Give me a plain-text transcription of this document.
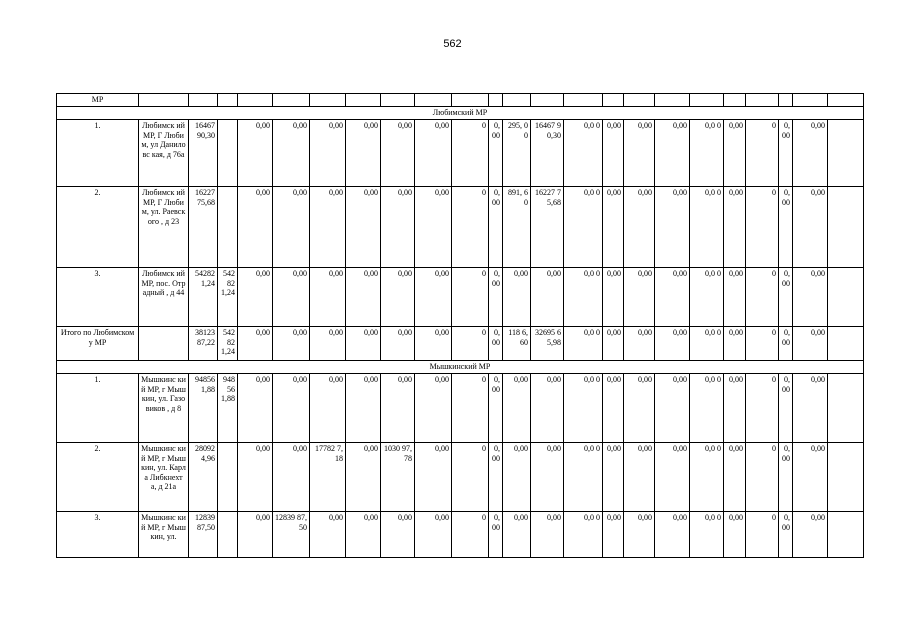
562
МР																							
Любимский МР																							
1.	Любимск ий МР, Г Любим, ул Даниловс кая, д 76а	16467 90,30		0,00	0,00	0,00	0,00	0,00	0,00	0	0,00	295, 00	16467 90,30	0,0 0	0,00	0,00	0,00	0,0 0	0,00	0	0,00	0,00	
2.	Любимск ий МР, Г Любим, ул. Раевского , д 23	16227 75,68		0,00	0,00	0,00	0,00	0,00	0,00	0	0,00	891, 60	16227 75,68	0,0 0	0,00	0,00	0,00	0,0 0	0,00	0	0,00	0,00	
3.	Любимск ий МР, пос. Отрадный , д 44	54282 1,24	54282 1,24	0,00	0,00	0,00	0,00	0,00	0,00	0	0,00	0,00	0,00	0,0 0	0,00	0,00	0,00	0,0 0	0,00	0	0,00	0,00	
Итого по Любимскому МР		38123 87,22	54282 1,24	0,00	0,00	0,00	0,00	0,00	0,00	0	0,00	118 6,60	32695 65,98	0,0 0	0,00	0,00	0,00	0,0 0	0,00	0	0,00	0,00	
Мышкинский МР																							
1.	Мышкинс кий МР, г Мышкин, ул. Газовиков , д 8	94856 1,88	94856 1,88	0,00	0,00	0,00	0,00	0,00	0,00	0	0,00	0,00	0,00	0,0 0	0,00	0,00	0,00	0,0 0	0,00	0	0,00	0,00	
2.	Мышкинс кий МР, г Мышкин, ул. Карла Либкнехт а, д 21а	28092 4,96		0,00	0,00	17782 7,18	0,00	1030 97,78	0,00	0	0,00	0,00	0,00	0,0 0	0,00	0,00	0,00	0,0 0	0,00	0	0,00	0,00	
3.	Мышкинс кий МР, г Мышкин, ул.	12839 87,50		0,00	12839 87,50	0,00	0,00	0,00	0,00	0	0,00	0,00	0,00	0,0 0	0,00	0,00	0,00	0,0 0	0,00	0	0,00	0,00	
